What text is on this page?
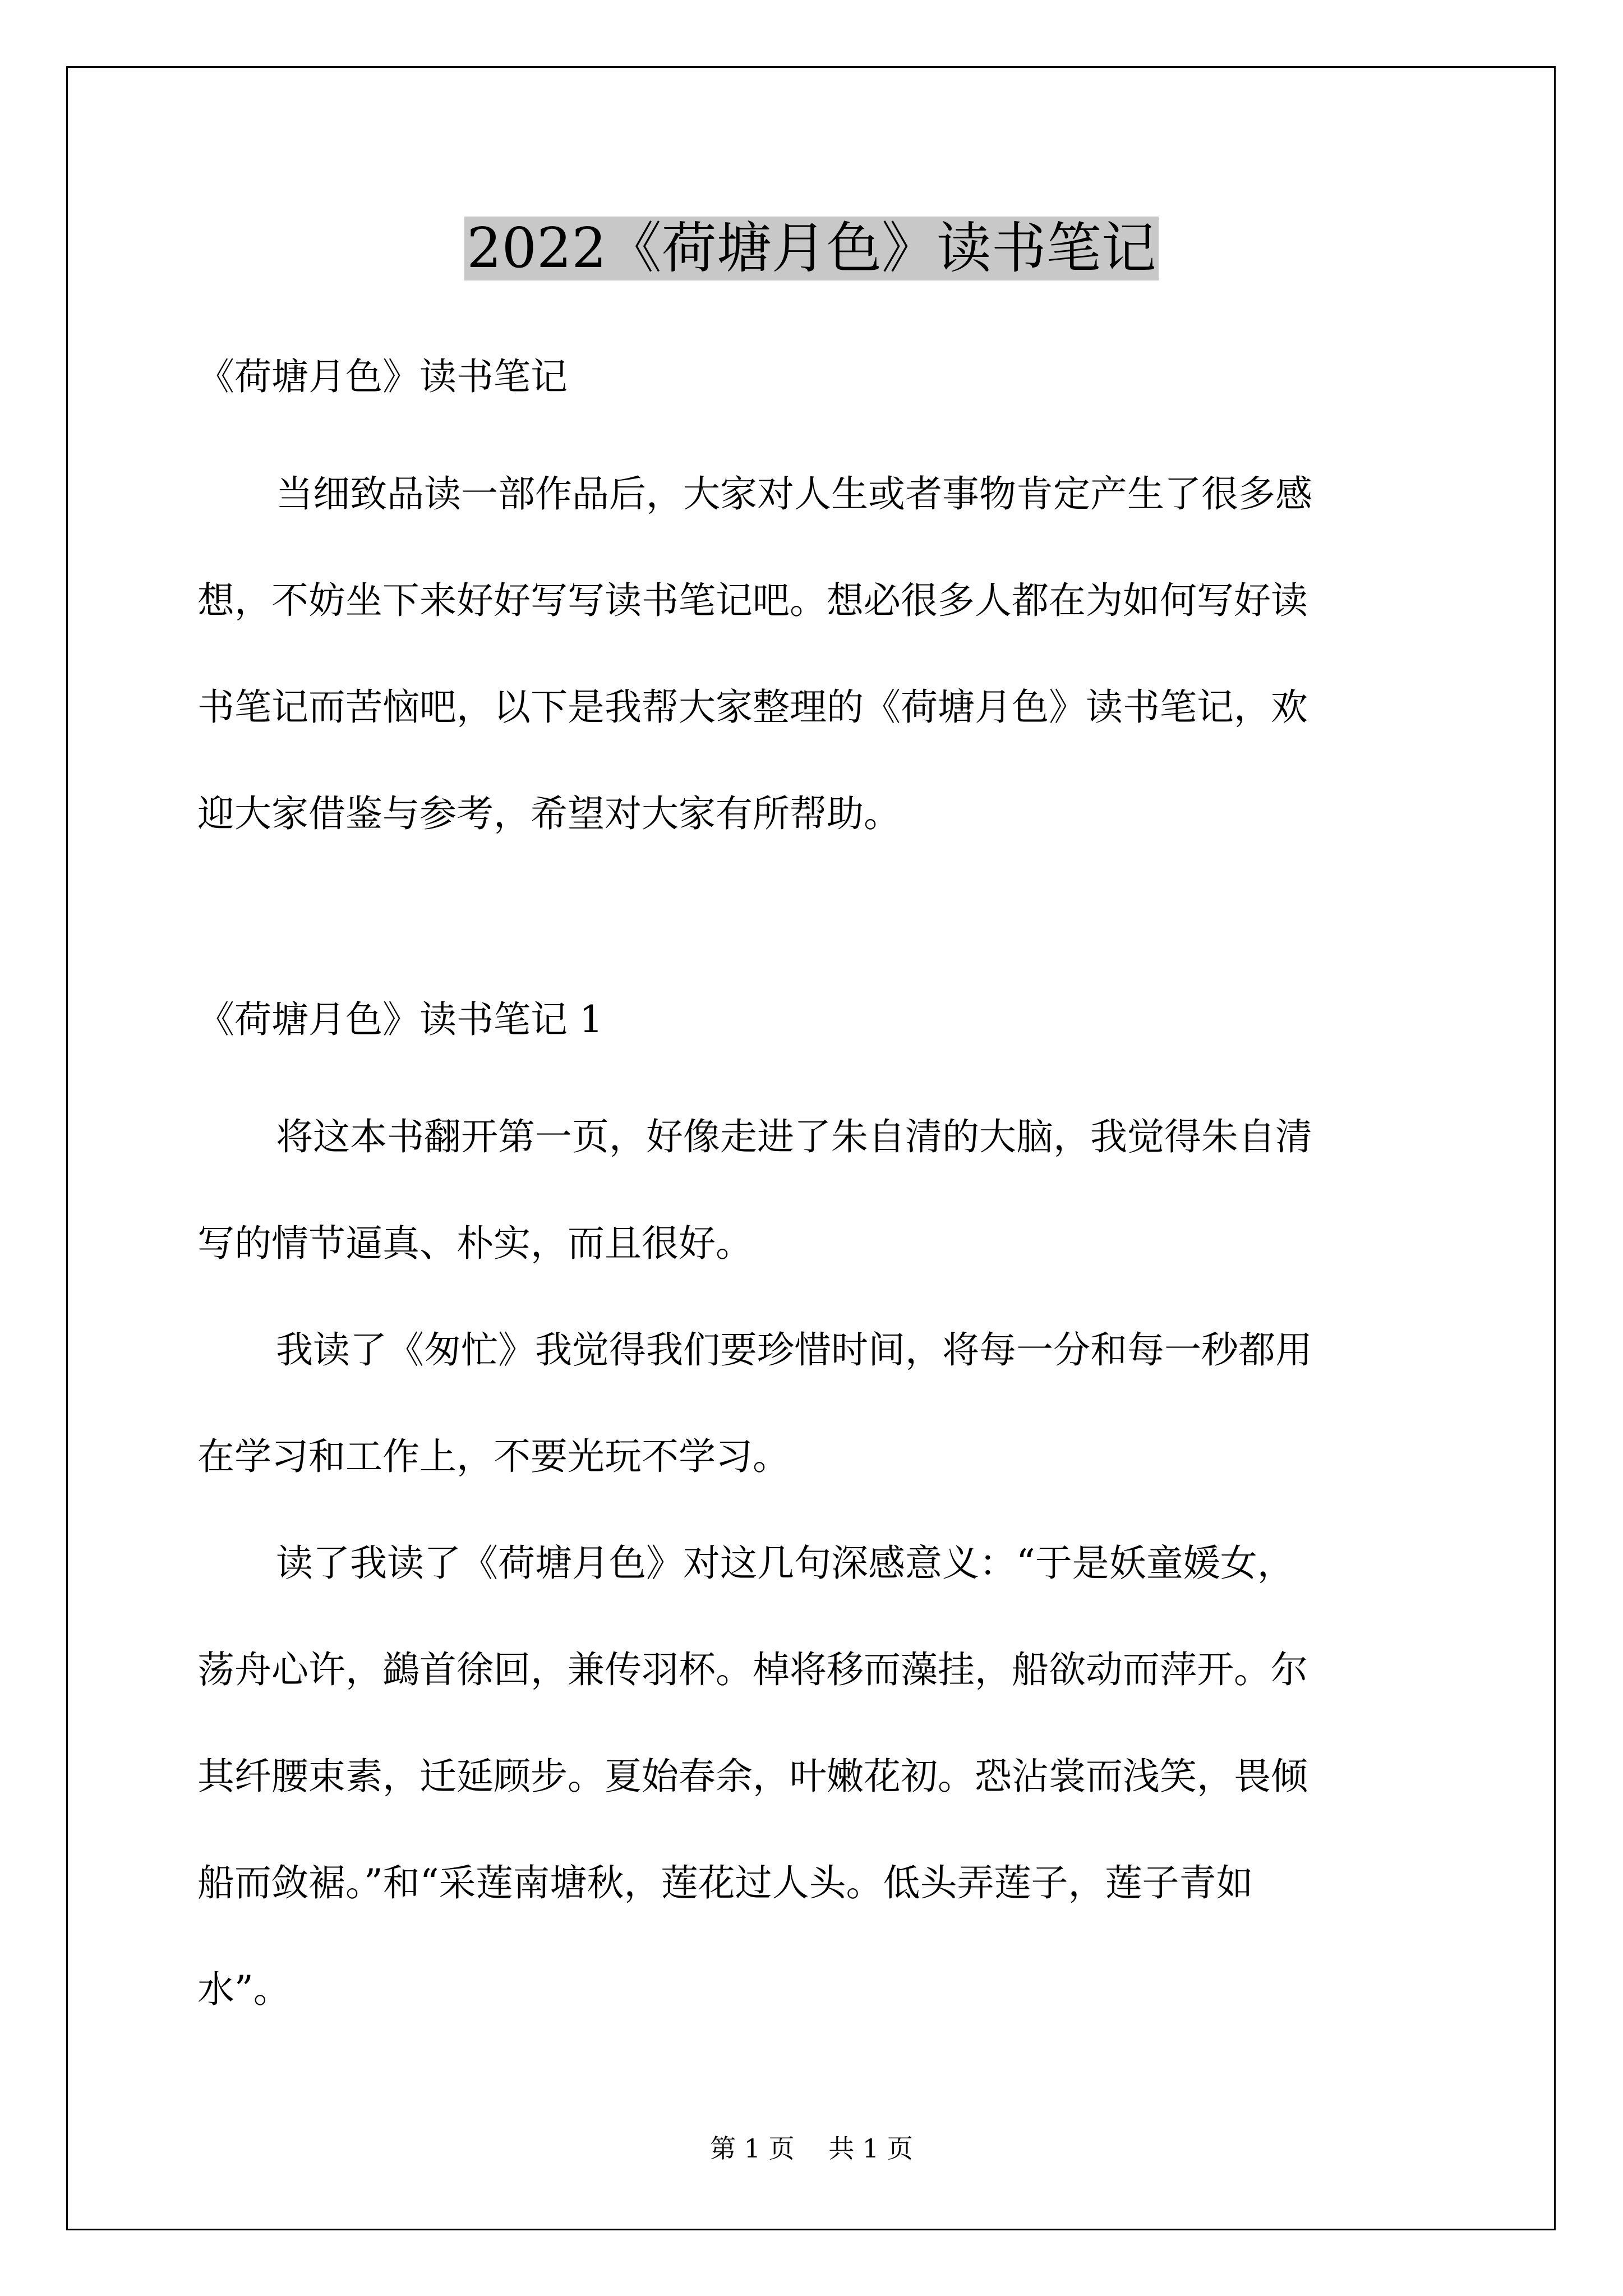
2022《荷塘月色》读书笔记
《荷塘月色》读书笔记
当细致品读一部作品后，大家对人生或者事物肯定产生了很多感
想，不妨坐下来好好写写读书笔记吧。想必很多人都在为如何写好读
书笔记而苦恼吧，以下是我帮大家整理的《荷塘月色》读书笔记，欢
迎大家借鉴与参考，希望对大家有所帮助。
《荷塘月色》读书笔记 1
将这本书翻开第一页，好像走进了朱自清的大脑，我觉得朱自清
写的情节逼真、朴实，而且很好。
我读了《匆忙》我觉得我们要珍惜时间，将每一分和每一秒都用
在学习和工作上，不要光玩不学习。
读了我读了《荷塘月色》对这几句深感意义：“于是妖童媛女，
荡舟心许，鷁首徐回，兼传羽杯。棹将移而藻挂，船欲动而萍开。尔
其纤腰束素，迁延顾步。夏始春余，叶嫩花初。恐沾裳而浅笑，畏倾
船而敛裾。”和“采莲南塘秋，莲花过人头。低头弄莲子，莲子青如
水”。
第 1 页　 共 1 页
